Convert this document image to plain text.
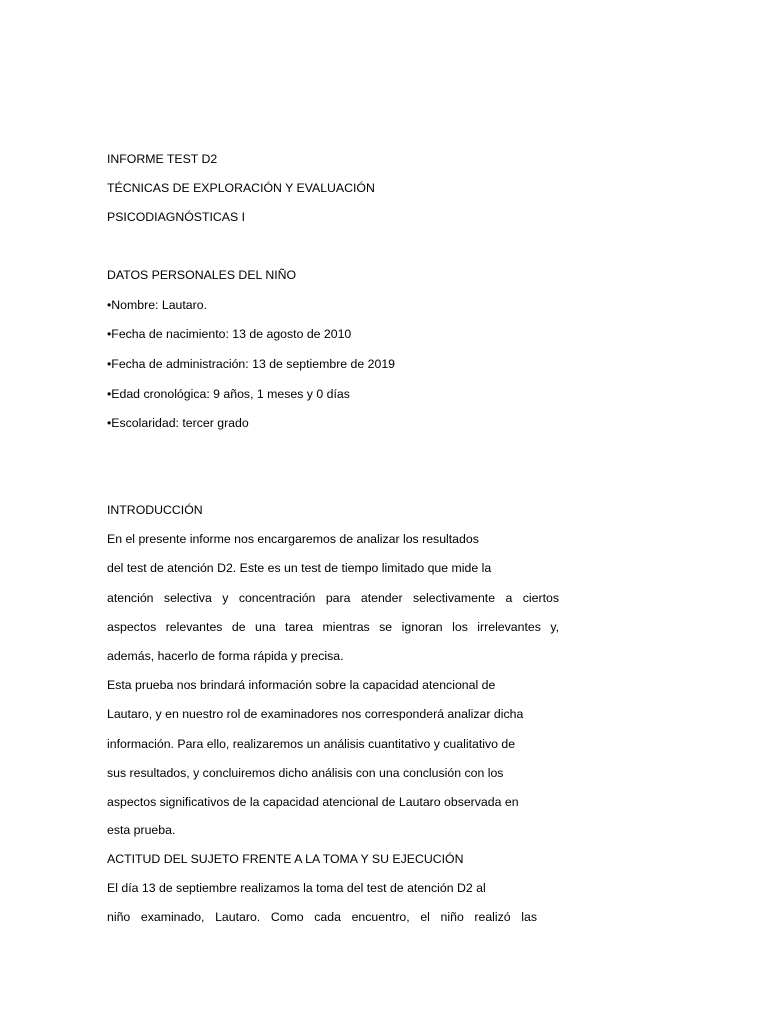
INFORME TEST D2
TÉCNICAS DE EXPLORACIÓN Y EVALUACIÓN
PSICODIAGNÓSTICAS I
DATOS PERSONALES DEL NIÑO
•Nombre: Lautaro.
•Fecha de nacimiento: 13 de agosto de 2010
•Fecha de administración: 13 de septiembre de 2019
•Edad cronológica: 9 años, 1 meses y 0 días
•Escolaridad: tercer grado
INTRODUCCIÓN
En el presente informe nos encargaremos de analizar los resultados
del test de atención D2. Este es un test de tiempo limitado que mide la
atención selectiva y concentración para atender selectivamente a ciertos
aspectos relevantes de una tarea mientras se ignoran los irrelevantes y,
además, hacerlo de forma rápida y precisa.
Esta prueba nos brindará información sobre la capacidad atencional de
Lautaro, y en nuestro rol de examinadores nos corresponderá analizar dicha
información. Para ello, realizaremos un análisis cuantitativo y cualitativo de
sus resultados, y concluiremos dicho análisis con una conclusión con los
aspectos significativos de la capacidad atencional de Lautaro observada en
esta prueba.
ACTITUD DEL SUJETO FRENTE A LA TOMA Y SU EJECUCIÓN
El día 13 de septiembre realizamos la toma del test de atención D2 al
niño examinado, Lautaro. Como cada encuentro, el niño realizó las
